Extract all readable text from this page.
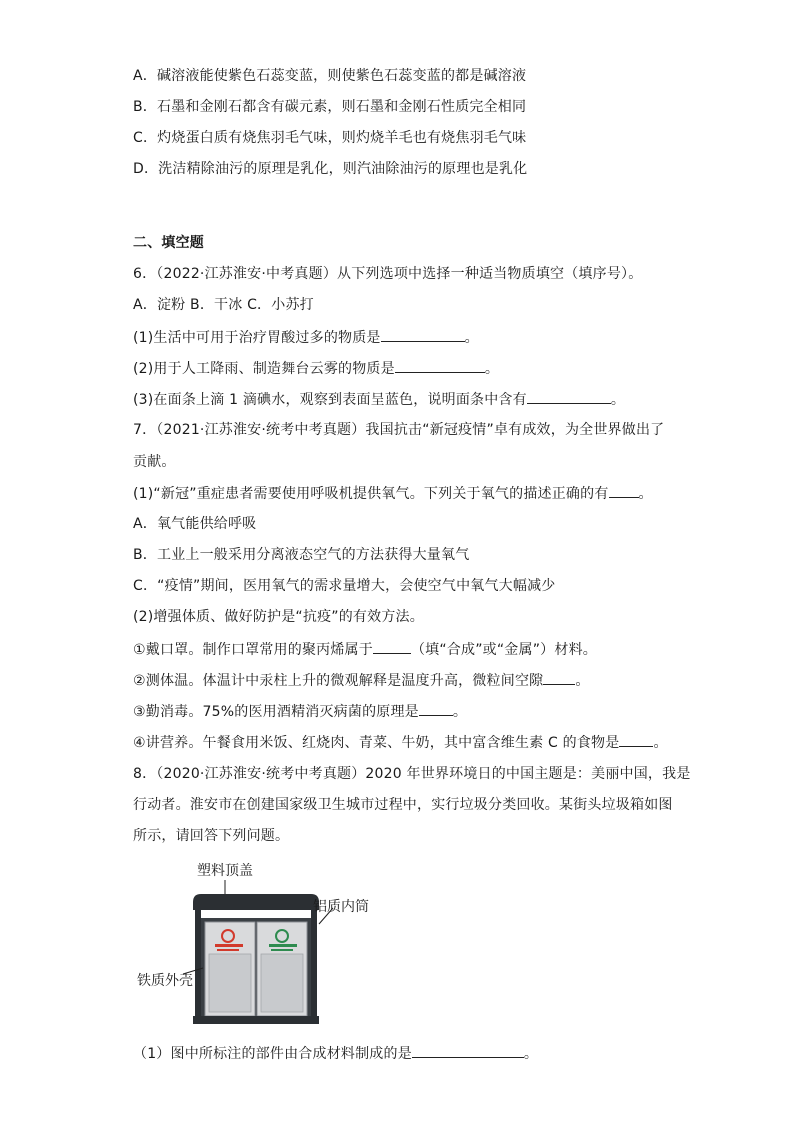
A．碱溶液能使紫色石蕊变蓝，则使紫色石蕊变蓝的都是碱溶液
B．石墨和金刚石都含有碳元素，则石墨和金刚石性质完全相同
C．灼烧蛋白质有烧焦羽毛气味，则灼烧羊毛也有烧焦羽毛气味
D．洗洁精除油污的原理是乳化，则汽油除油污的原理也是乳化
二、填空题
6．（2022·江苏淮安·中考真题）从下列选项中选择一种适当物质填空（填序号）。
A．淀粉 B．干冰 C．小苏打
(1)生活中可用于治疗胃酸过多的物质是	。
(2)用于人工降雨、制造舞台云雾的物质是	。
(3)在面条上滴 1 滴碘水，观察到表面呈蓝色，说明面条中含有	。
7．（2021·江苏淮安·统考中考真题）我国抗击“新冠疫情”卓有成效，为全世界做出了
贡献。
(1)“新冠”重症患者需要使用呼吸机提供氧气。下列关于氧气的描述正确的有 。
A．氧气能供给呼吸
B．工业上一般采用分离液态空气的方法获得大量氧气
C．“疫情”期间，医用氧气的需求量增大，会使空气中氧气大幅减少
(2)增强体质、做好防护是“抗疫”的有效方法。
①戴口罩。制作口罩常用的聚丙烯属于	（填“合成”或“金属”）材料。
②测体温。体温计中汞柱上升的微观解释是温度升高，微粒间空隙 。
③勤消毒。75%的医用酒精消灭病菌的原理是 。
④讲营养。午餐食用米饭、红烧肉、青菜、牛奶，其中富含维生素 C 的食物是 。
8．（2020·江苏淮安·统考中考真题）2020 年世界环境日的中国主题是：美丽中国，我是
行动者。淮安市在创建国家级卫生城市过程中，实行垃圾分类回收。某街头垃圾箱如图
所示，请回答下列问题。
塑料顶盖
铝质内筒
铁质外壳
（1）图中所标注的部件由合成材料制成的是	。
